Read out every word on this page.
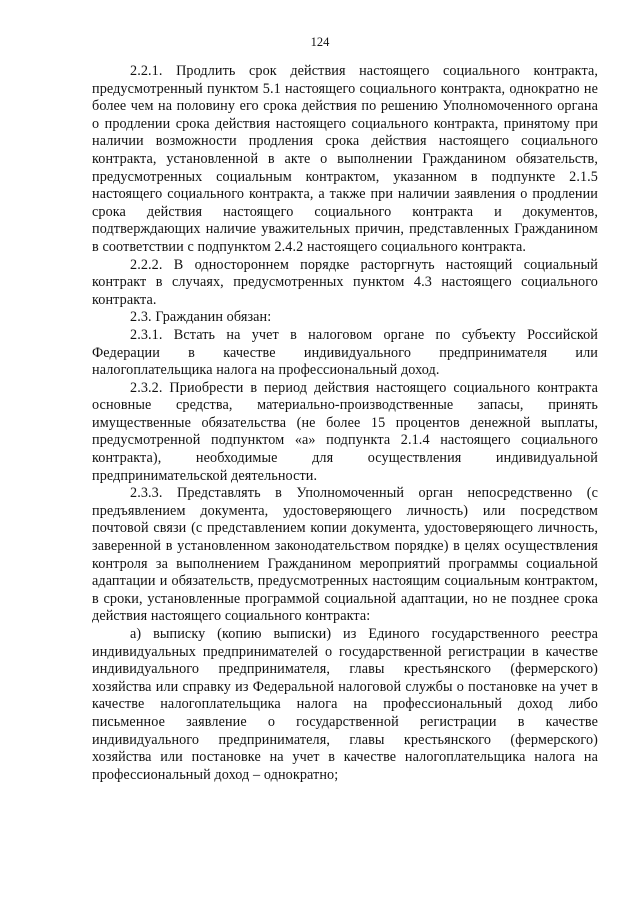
124

2.2.1. Продлить срок действия настоящего социального контракта, предусмотренный пунктом 5.1 настоящего социального контракта, однократно не более чем на половину его срока действия по решению Уполномоченного органа о продлении срока действия настоящего социального контракта, принятому при наличии возможности продления срока действия настоящего социального контракта, установленной в акте о выполнении Гражданином обязательств, предусмотренных социальным контрактом, указанном в подпункте 2.1.5 настоящего социального контракта, а также при наличии заявления о продлении срока действия настоящего социального контракта и документов, подтверждающих наличие уважительных причин, представленных Гражданином в соответствии с подпунктом 2.4.2 настоящего социального контракта.

2.2.2. В одностороннем порядке расторгнуть настоящий социальный контракт в случаях, предусмотренных пунктом 4.3 настоящего социального контракта.

2.3. Гражданин обязан:

2.3.1. Встать на учет в налоговом органе по субъекту Российской Федерации в качестве индивидуального предпринимателя или налогоплательщика налога на профессиональный доход.

2.3.2. Приобрести в период действия настоящего социального контракта основные средства, материально-производственные запасы, принять имущественные обязательства (не более 15 процентов денежной выплаты, предусмотренной подпунктом «а» подпункта 2.1.4 настоящего социального контракта), необходимые для осуществления индивидуальной предпринимательской деятельности.

2.3.3. Представлять в Уполномоченный орган непосредственно (с предъявлением документа, удостоверяющего личность) или посредством почтовой связи (с представлением копии документа, удостоверяющего личность, заверенной в установленном законодательством порядке) в целях осуществления контроля за выполнением Гражданином мероприятий программы социальной адаптации и обязательств, предусмотренных настоящим социальным контрактом, в сроки, установленные программой социальной адаптации, но не позднее срока действия настоящего социального контракта:

а) выписку (копию выписки) из Единого государственного реестра индивидуальных предпринимателей о государственной регистрации в качестве индивидуального предпринимателя, главы крестьянского (фермерского) хозяйства или справку из Федеральной налоговой службы о постановке на учет в качестве налогоплательщика налога на профессиональный доход либо письменное заявление о государственной регистрации в качестве индивидуального предпринимателя, главы крестьянского (фермерского) хозяйства или постановке на учет в качестве налогоплательщика налога на профессиональный доход – однократно;
